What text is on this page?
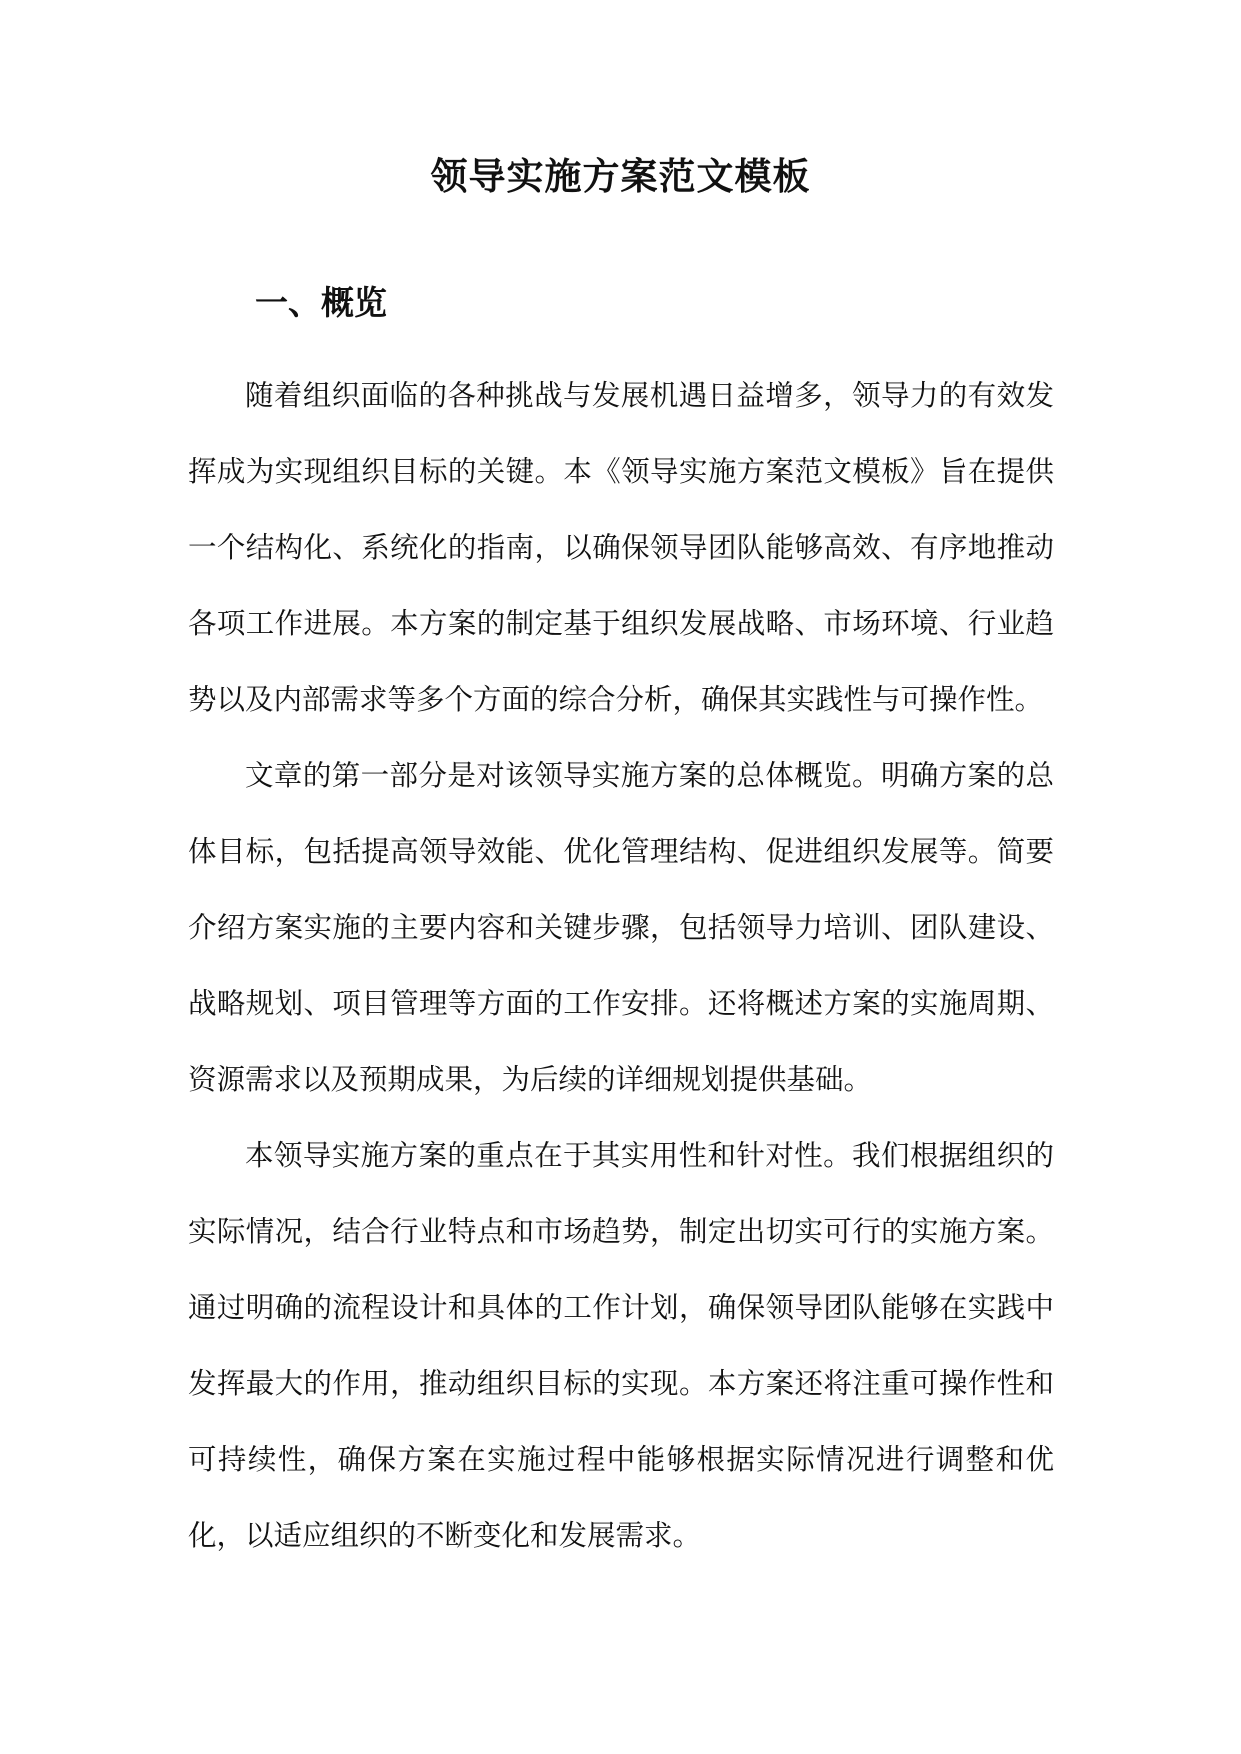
领导实施方案范文模板
一、概览

随着组织面临的各种挑战与发展机遇日益增多，领导力的有效发挥成为实现组织目标的关键。本《领导实施方案范文模板》旨在提供一个结构化、系统化的指南，以确保领导团队能够高效、有序地推动各项工作进展。本方案的制定基于组织发展战略、市场环境、行业趋势以及内部需求等多个方面的综合分析，确保其实践性与可操作性。

文章的第一部分是对该领导实施方案的总体概览。明确方案的总体目标，包括提高领导效能、优化管理结构、促进组织发展等。简要介绍方案实施的主要内容和关键步骤，包括领导力培训、团队建设、战略规划、项目管理等方面的工作安排。还将概述方案的实施周期、资源需求以及预期成果，为后续的详细规划提供基础。

本领导实施方案的重点在于其实用性和针对性。我们根据组织的实际情况，结合行业特点和市场趋势，制定出切实可行的实施方案。通过明确的流程设计和具体的工作计划，确保领导团队能够在实践中发挥最大的作用，推动组织目标的实现。本方案还将注重可操作性和可持续性，确保方案在实施过程中能够根据实际情况进行调整和优化，以适应组织的不断变化和发展需求。
